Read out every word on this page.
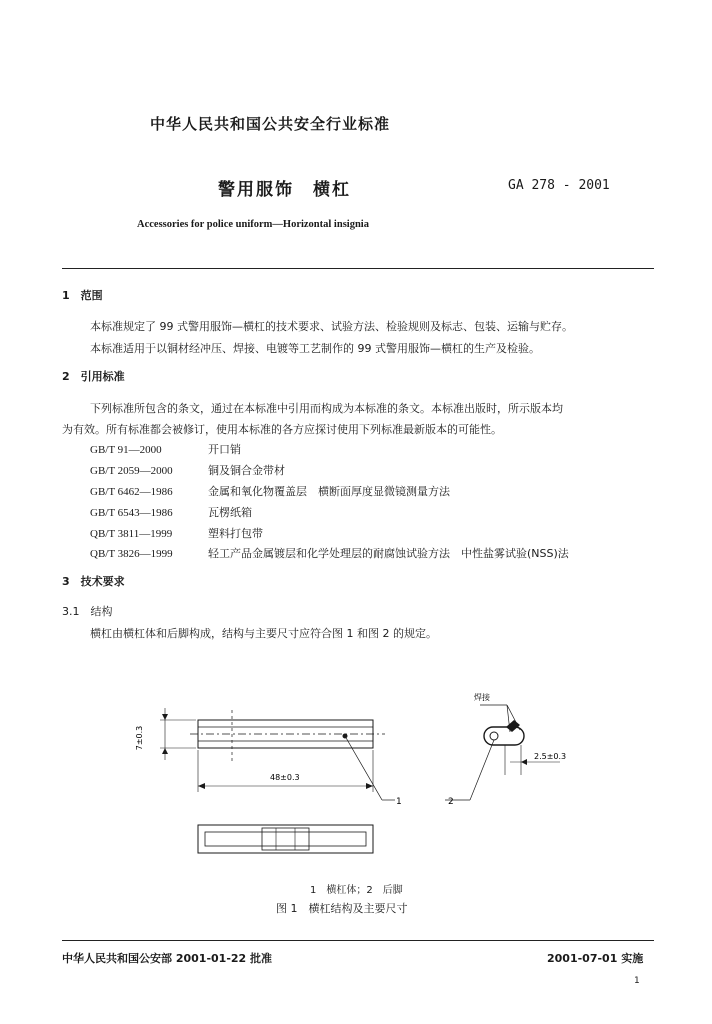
中华人民共和国公共安全行业标准
警用服饰　横杠	GA 278 - 2001
Accessories for police uniform—Horizontal insignia
1　范围
本标准规定了 99 式警用服饰—横杠的技术要求、试验方法、检验规则及标志、包装、运输与贮存。
本标准适用于以铜材经冲压、焊接、电镀等工艺制作的 99 式警用服饰—横杠的生产及检验。
2　引用标准
下列标准所包含的条文，通过在本标准中引用而构成为本标准的条文。本标准出版时，所示版本均
为有效。所有标准都会被修订，使用本标准的各方应探讨使用下列标准最新版本的可能性。
GB/T 91—2000	开口销
GB/T 2059—2000	铜及铜合金带材
GB/T 6462—1986	金属和氧化物覆盖层　横断面厚度显微镜测量方法
GB/T 6543—1986	瓦楞纸箱
QB/T 3811—1999	塑料打包带
QB/T 3826—1999	轻工产品金属镀层和化学处理层的耐腐蚀试验方法　中性盐雾试验(NSS)法
3　技术要求
3.1　结构
横杠由横杠体和后脚构成，结构与主要尺寸应符合图 1 和图 2 的规定。
7±0.3
48±0.3
2.5±0.3
焊接
1	2
1　横杠体；2　后脚
图 1　横杠结构及主要尺寸
中华人民共和国公安部 2001-01-22 批准	2001-07-01 实施
1
